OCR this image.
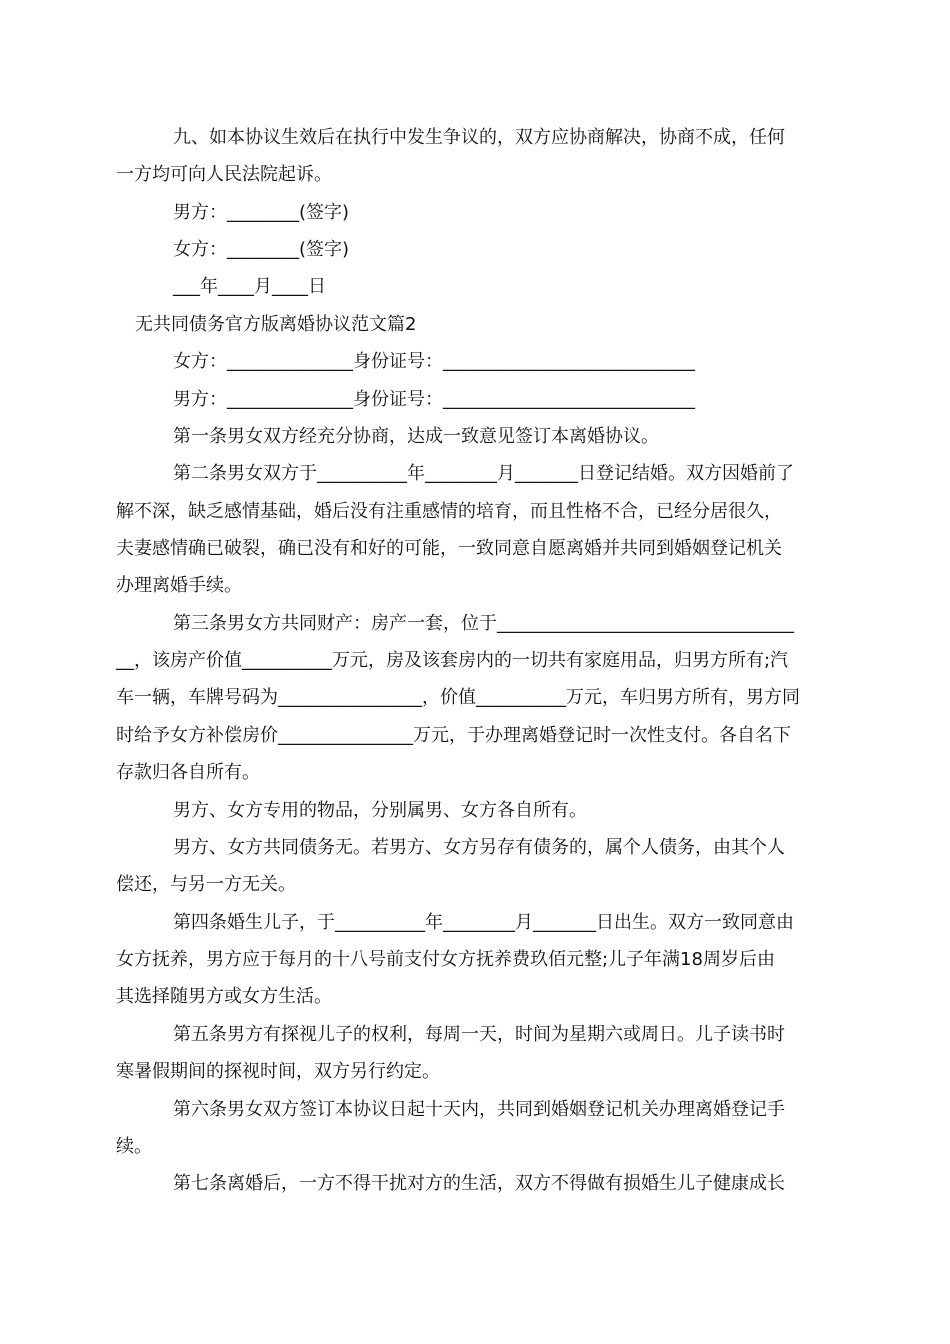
九、如本协议生效后在执行中发生争议的，双方应协商解决，协商不成，任何
一方均可向人民法院起诉。
男方：________(签字)
女方：________(签字)
___年____月____日
无共同债务官方版离婚协议范文篇2
女方：______________身份证号：____________________________
男方：______________身份证号：____________________________
第一条男女双方经充分协商，达成一致意见签订本离婚协议。
第二条男女双方于__________年________月_______日登记结婚。双方因婚前了
解不深，缺乏感情基础，婚后没有注重感情的培育，而且性格不合，已经分居很久，
夫妻感情确已破裂，确已没有和好的可能，一致同意自愿离婚并共同到婚姻登记机关
办理离婚手续。
第三条男女方共同财产：房产一套，位于_________________________________
__，该房产价值__________万元，房及该套房内的一切共有家庭用品，归男方所有;汽
车一辆，车牌号码为________________，价值__________万元，车归男方所有，男方同
时给予女方补偿房价_______________万元，于办理离婚登记时一次性支付。各自名下
存款归各自所有。
男方、女方专用的物品，分别属男、女方各自所有。
男方、女方共同债务无。若男方、女方另存有债务的，属个人债务，由其个人
偿还，与另一方无关。
第四条婚生儿子，于__________年________月_______日出生。双方一致同意由
女方抚养，男方应于每月的十八号前支付女方抚养费玖佰元整;儿子年满18周岁后由
其选择随男方或女方生活。
第五条男方有探视儿子的权利，每周一天，时间为星期六或周日。儿子读书时
寒暑假期间的探视时间，双方另行约定。
第六条男女双方签订本协议日起十天内，共同到婚姻登记机关办理离婚登记手
续。
第七条离婚后，一方不得干扰对方的生活，双方不得做有损婚生儿子健康成长
